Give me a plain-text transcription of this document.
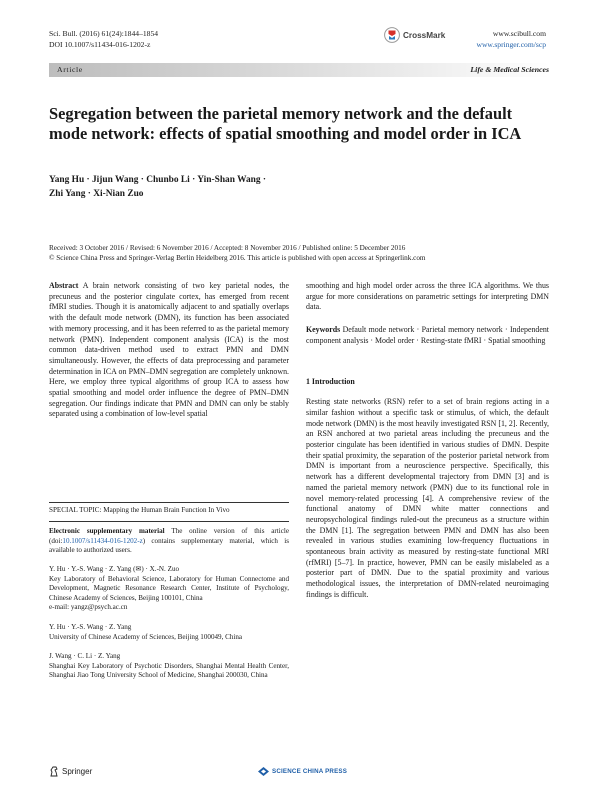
Sci. Bull. (2016) 61(24):1844–1854
DOI 10.1007/s11434-016-1202-z
CrossMark	www.scibull.com
www.springer.com/scp
Article	Life & Medical Sciences
Segregation between the parietal memory network and the default mode network: effects of spatial smoothing and model order in ICA
Yang Hu · Jijun Wang · Chunbo Li · Yin-Shan Wang ·
Zhi Yang · Xi-Nian Zuo
Received: 3 October 2016 / Revised: 6 November 2016 / Accepted: 8 November 2016 / Published online: 5 December 2016
© Science China Press and Springer-Verlag Berlin Heidelberg 2016. This article is published with open access at Springerlink.com

Abstract A brain network consisting of two key parietal nodes, the precuneus and the posterior cingulate cortex, has emerged from recent fMRI studies. Though it is anatomically adjacent to and spatially overlaps with the default mode network (DMN), its function has been associated with memory processing, and it has been referred to as the parietal memory network (PMN). Independent component analysis (ICA) is the most common data-driven method used to extract PMN and DMN simultaneously. However, the effects of data preprocessing and parameter determination in ICA on PMN–DMN segregation are completely unknown. Here, we employ three typical algorithms of group ICA to assess how spatial smoothing and model order influence the degree of PMN–DMN segregation. Our findings indicate that PMN and DMN can only be stably separated using a combination of low-level spatial

SPECIAL TOPIC: Mapping the Human Brain Function In Vivo

Electronic supplementary material The online version of this article (doi:10.1007/s11434-016-1202-z) contains supplementary material, which is available to authorized users.

Y. Hu · Y.-S. Wang · Z. Yang (✉) · X.-N. Zuo

Key Laboratory of Behavioral Science, Laboratory for Human Connectome and Development, Magnetic Resonance Research Center, Institute of Psychology, Chinese Academy of Sciences, Beijing 100101, China

e-mail: yangz@psych.ac.cn

Y. Hu · Y.-S. Wang · Z. Yang

University of Chinese Academy of Sciences, Beijing 100049, China

J. Wang · C. Li · Z. Yang

Shanghai Key Laboratory of Psychotic Disorders, Shanghai Mental Health Center, Shanghai Jiao Tong University School of Medicine, Shanghai 200030, China

smoothing and high model order across the three ICA algorithms. We thus argue for more considerations on parametric settings for interpreting DMN data.

Keywords Default mode network · Parietal memory network · Independent component analysis · Model order · Resting-state fMRI · Spatial smoothing

1 Introduction

Resting state networks (RSN) refer to a set of brain regions acting in a similar fashion without a specific task or stimulus, of which, the default mode network (DMN) is the most heavily investigated RSN [1, 2]. Recently, an RSN anchored at two parietal areas including the precuneus and the posterior cingulate has been identified in various studies of DMN. Despite their spatial proximity, the separation of the posterior parietal network from DMN is important from a neuroscience perspective. Specifically, this network has a different developmental trajectory from DMN [3] and is named the parietal memory network (PMN) due to its functional role in novel memory-related processing [4]. A comprehensive review of the functional anatomy of DMN white matter connections and neuropsychological findings ruled-out the precuneus as a structure within the DMN [1]. The segregation between PMN and DMN has also been revealed in various studies examining low-frequency fluctuations in spontaneous brain activity as measured by resting-state functional MRI (rfMRI) [5–7]. In practice, however, PMN can be easily mislabeled as a posterior part of DMN. Due to the spatial proximity and various methodological issues, the interpretation of DMN-related neuroimaging findings is difficult.

Springer	SCIENCE CHINA PRESS
